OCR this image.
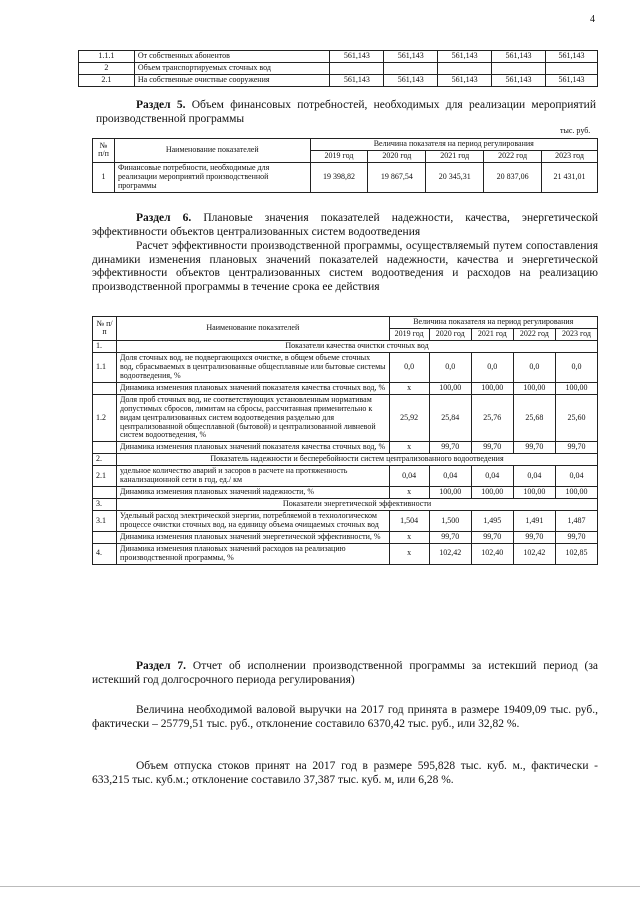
4
1.1.1	От собственных абонентов	561,143	561,143	561,143	561,143	561,143
2	Объем транспортируемых сточных вод					
2.1	На собственные очистные сооружения	561,143	561,143	561,143	561,143	561,143
Раздел 5. Объем финансовых потребностей, необходимых для реализации мероприятий производственной программы
тыс. руб.
№ п/п	Наименование показателей	Величина показателя на период регулирования				
		2019 год	2020 год	2021 год	2022 год	2023 год
1	Финансовые потребности, необходимые для реализации мероприятий производственной программы	19 398,82	19 867,54	20 345,31	20 837,06	21 431,01
Раздел 6. Плановые значения показателей надежности, качества, энергетической эффективности объектов централизованных систем водоотведения
Расчет эффективности производственной программы, осуществляемый путем сопоставления динамики изменения плановых значений показателей надежности, качества и энергетической эффективности объектов централизованных систем водоотведения и расходов на реализацию производственной программы в течение срока ее действия
№ п/ п	Наименование показателей	Величина показателя на период регулирования				
		2019 год	2020 год	2021 год	2022 год	2023 год
1.	Показатели качества очистки сточных вод					
1.1	Доля сточных вод, не подвергающихся очистке, в общем объеме сточных вод, сбрасываемых в централизованные общесплавные или бытовые системы водоотведения, %	0,0	0,0	0,0	0,0	0,0
	Динамика изменения плановых значений показателя качества сточных вод, %	х	100,00	100,00	100,00	100,00
1.2	Доля проб сточных вод, не соответствующих установленным нормативам допустимых сбросов, лимитам на сбросы, рассчитанная применительно к видам централизованных систем водоотведения раздельно для централизованной общесплавной (бытовой) и централизованной ливневой систем водоотведения, %	25,92	25,84	25,76	25,68	25,60
	Динамика изменения плановых значений показателя качества сточных вод, %	х	99,70	99,70	99,70	99,70
2.	Показатель надежности и бесперебойности систем централизованного водоотведения					
2.1	удельное количество аварий и засоров в расчете на протяженность канализационной сети в год, ед./ км	0,04	0,04	0,04	0,04	0,04
	Динамика изменения плановых значений надежности, %	х	100,00	100,00	100,00	100,00
3.	Показатели энергетической эффективности					
3.1	Удельный расход электрической энергии, потребляемой в технологическом процессе очистки сточных вод, на единицу объема очищаемых сточных вод	1,504	1,500	1,495	1,491	1,487
	Динамика изменения плановых значений энергетической эффективности, %	х	99,70	99,70	99,70	99,70
4.	Динамика изменения плановых значений расходов на реализацию производственной программы, %	х	102,42	102,40	102,42	102,85
Раздел 7. Отчет об исполнении производственной программы за истекший период (за истекший год долгосрочного периода регулирования)
Величина необходимой валовой выручки на 2017 год принята в размере 19409,09 тыс. руб., фактически – 25779,51 тыс. руб., отклонение составило 6370,42 тыс. руб., или 32,82 %.
Объем отпуска стоков принят на 2017 год в размере 595,828 тыс. куб. м., фактически - 633,215 тыс. куб.м.; отклонение составило 37,387 тыс. куб. м, или 6,28 %.
